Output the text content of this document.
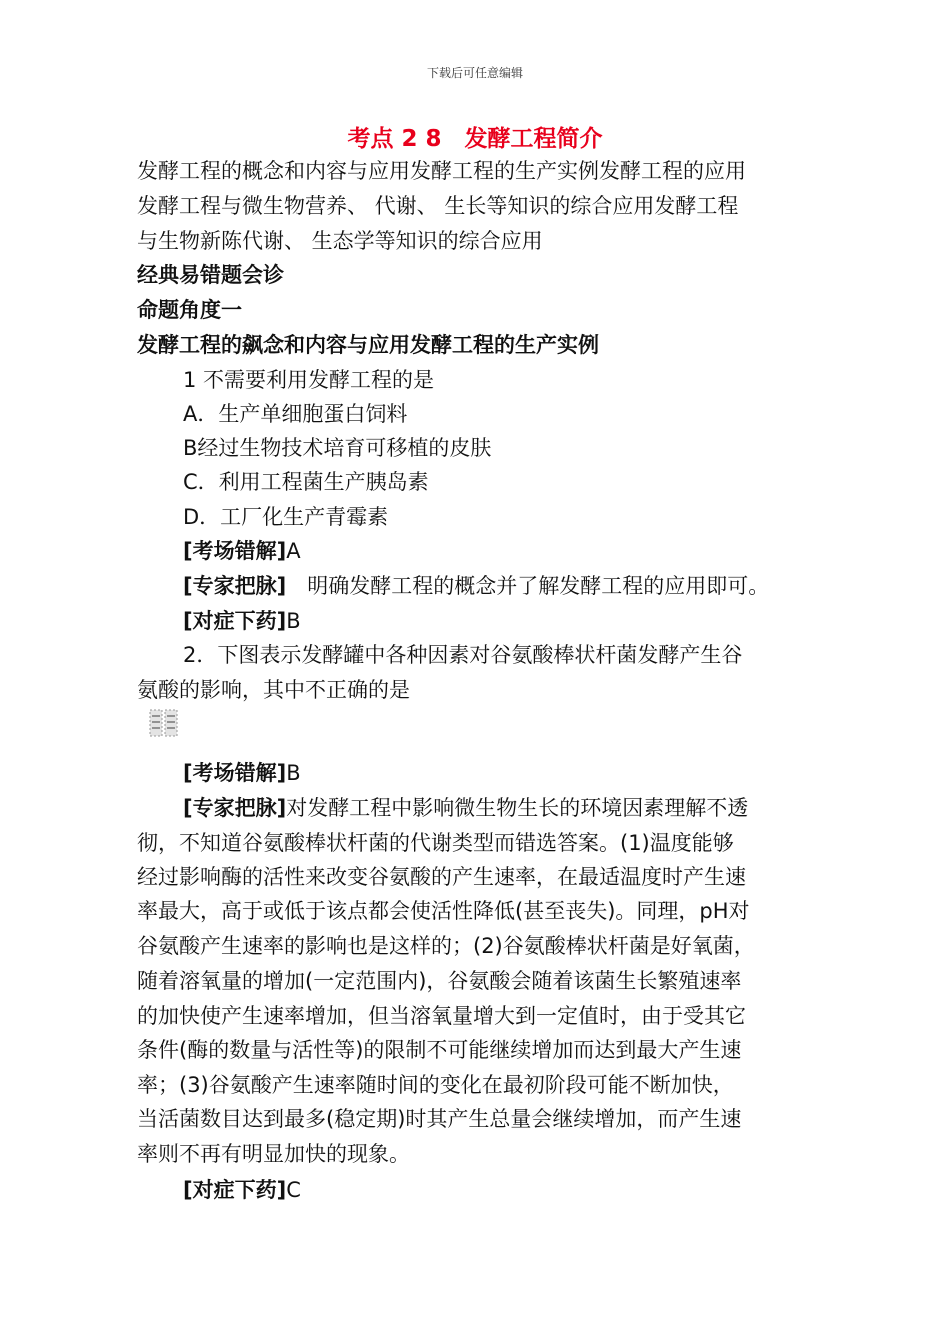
下载后可任意编辑
考点 2 8　发酵工程简介
发酵工程的概念和内容与应用发酵工程的生产实例发酵工程的应用
发酵工程与微生物营养、 代谢、 生长等知识的综合应用发酵工程
与生物新陈代谢、 生态学等知识的综合应用
经典易错题会诊
命题角度一
发酵工程的飙念和内容与应用发酵工程的生产实例
1 不需要利用发酵工程的是
A．生产单细胞蛋白饲料
B经过生物技术培育可移植的皮肤
C．利用工程菌生产胰岛素
D．工厂化生产青霉素
[考场错解]A
[专家把脉]　明确发酵工程的概念并了解发酵工程的应用即可。
[对症下药]B
2．下图表示发酵罐中各种因素对谷氨酸棒状杆菌发酵产生谷
氨酸的影响，其中不正确的是
[考场错解]B
[专家把脉]对发酵工程中影响微生物生长的环境因素理解不透
彻，不知道谷氨酸棒状杆菌的代谢类型而错选答案。(1)温度能够
经过影响酶的活性来改变谷氨酸的产生速率，在最适温度时产生速
率最大，高于或低于该点都会使活性降低(甚至丧失)。同理，pH对
谷氨酸产生速率的影响也是这样的；(2)谷氨酸棒状杆菌是好氧菌，
随着溶氧量的增加(一定范围内)，谷氨酸会随着该菌生长繁殖速率
的加快使产生速率增加，但当溶氧量增大到一定值时，由于受其它
条件(酶的数量与活性等)的限制不可能继续增加而达到最大产生速
率；(3)谷氨酸产生速率随时间的变化在最初阶段可能不断加快，
当活菌数目达到最多(稳定期)时其产生总量会继续增加，而产生速
率则不再有明显加快的现象。
[对症下药]C
